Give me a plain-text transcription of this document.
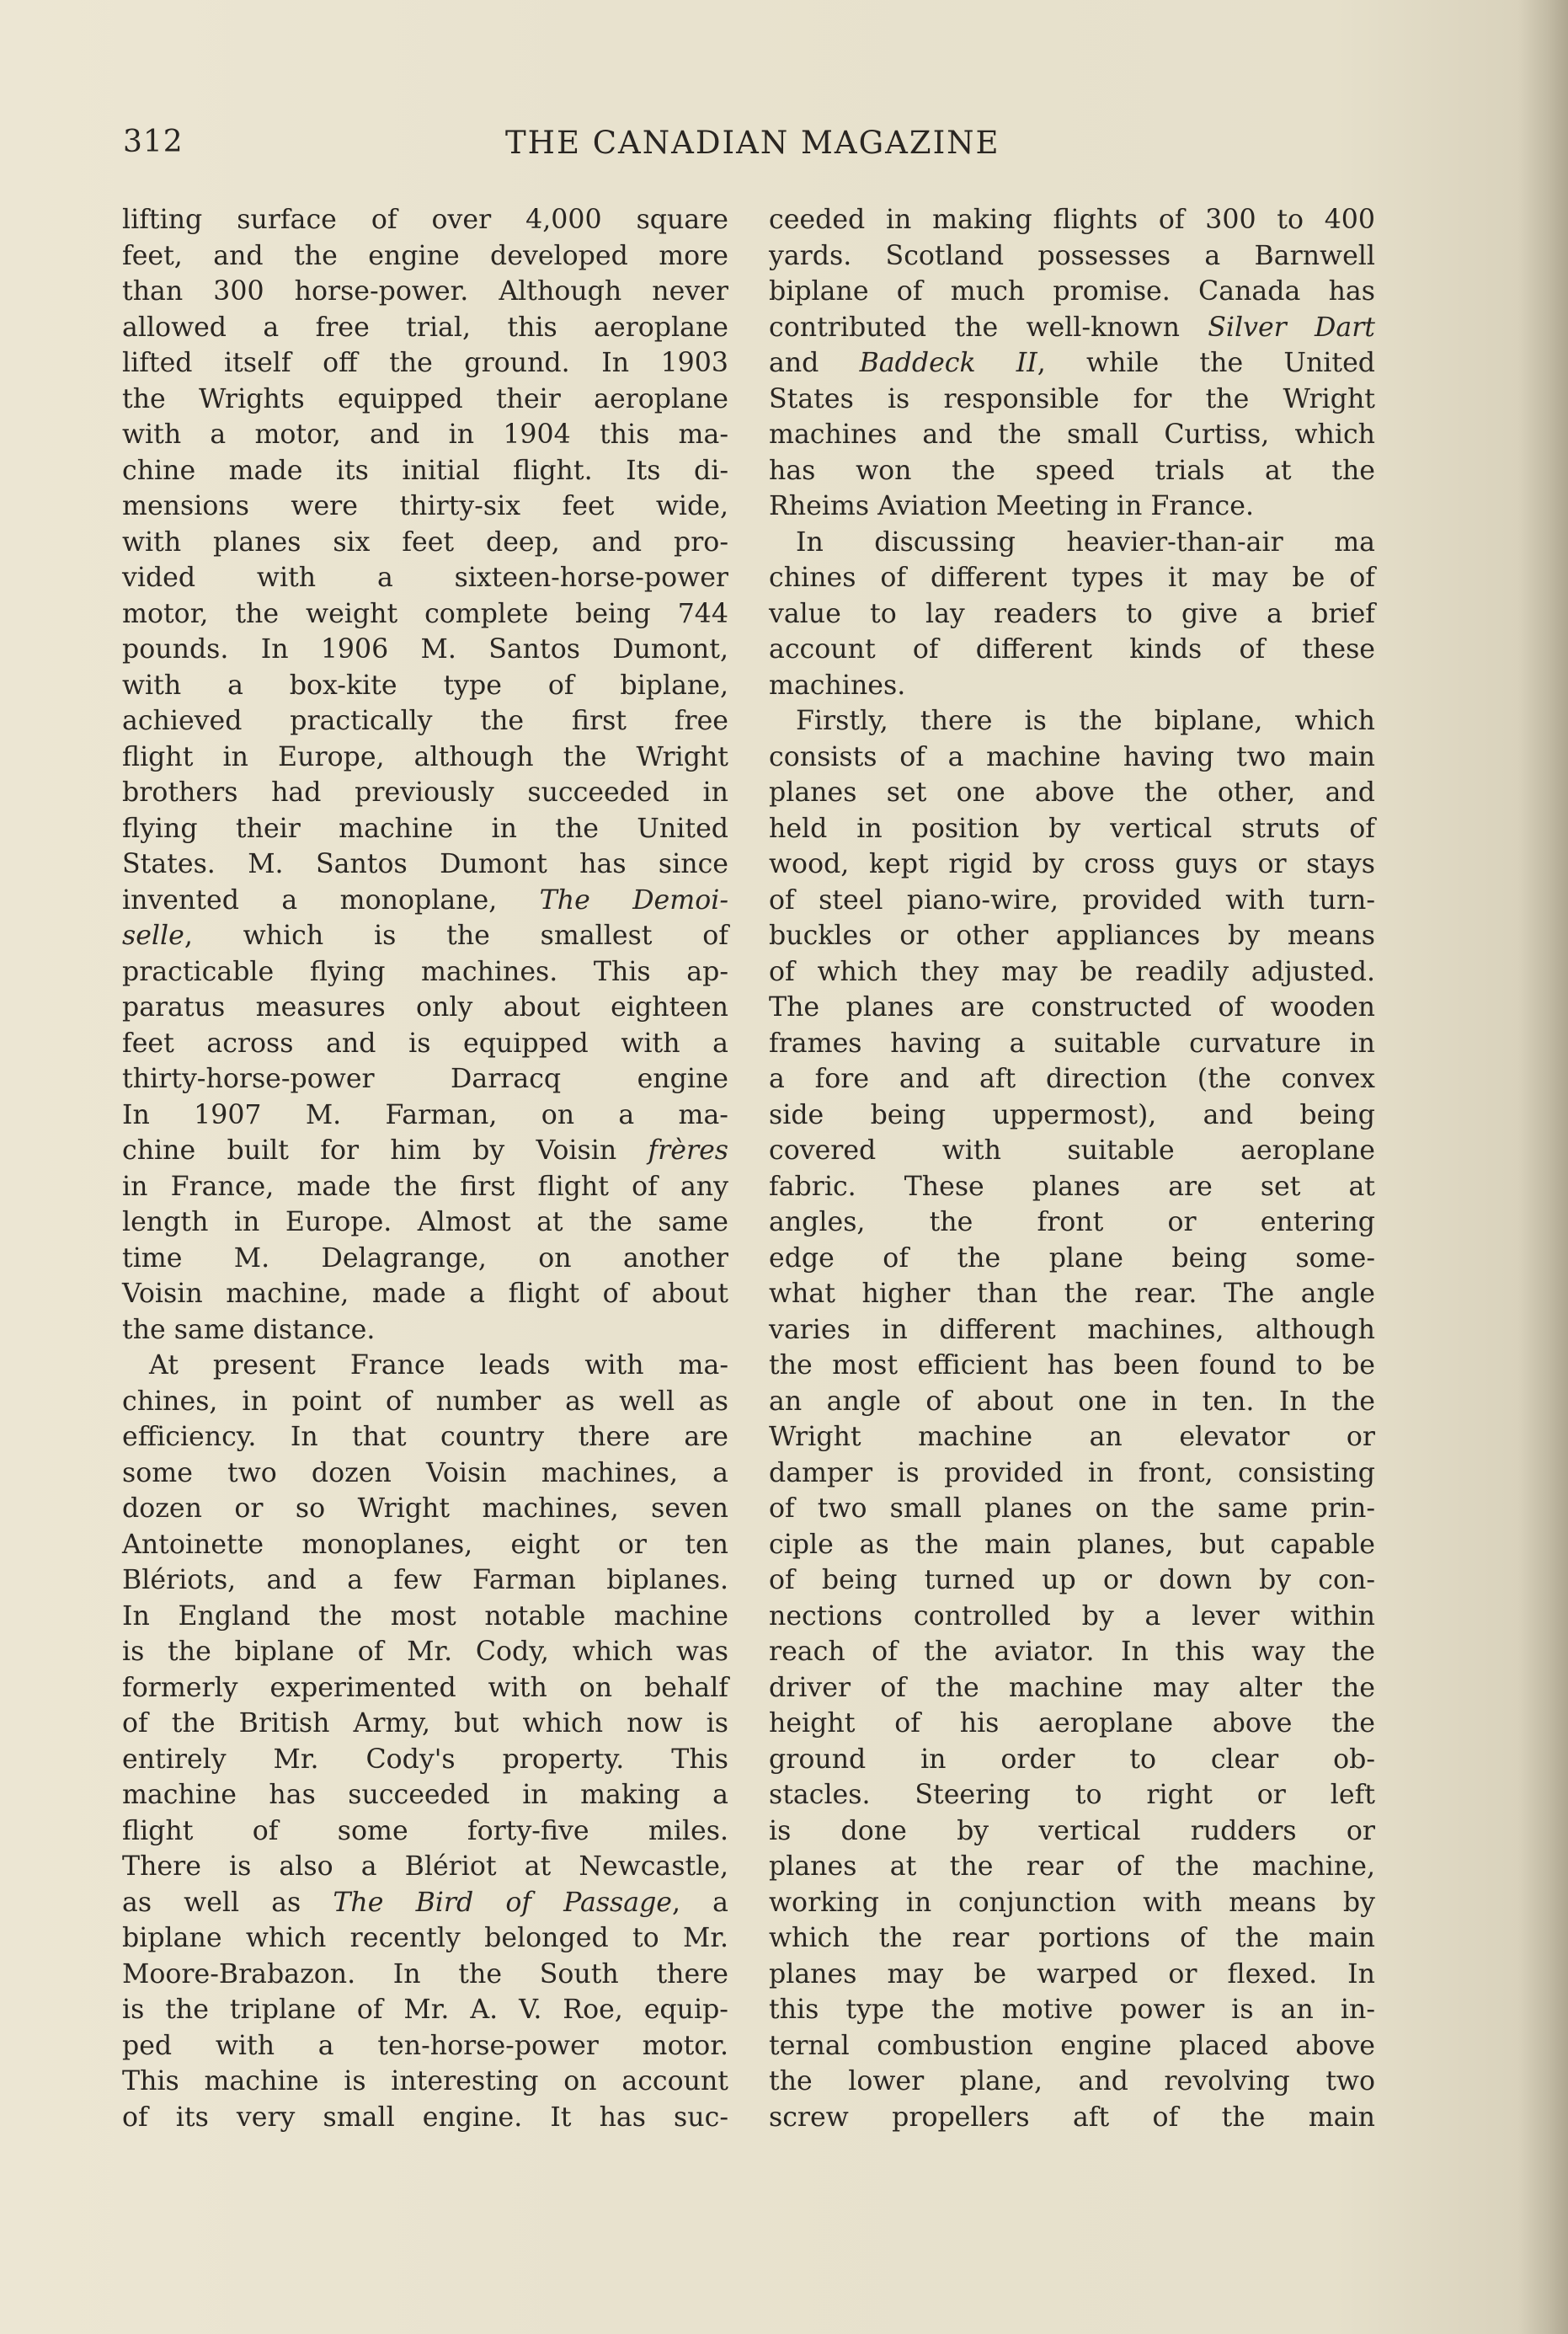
312	THE CANADIAN MAGAZINE
lifting surface of over 4,000 square
feet, and the engine developed more
than 300 horse-power. Although never
allowed a free trial, this aeroplane
lifted itself off the ground. In 1903
the Wrights equipped their aeroplane
with a motor, and in 1904 this ma-
chine made its initial flight. Its di-
mensions were thirty-six feet wide,
with planes six feet deep, and pro-
vided with a sixteen-horse-power
motor, the weight complete being 744
pounds. In 1906 M. Santos Dumont,
with a box-kite type of biplane,
achieved practically the first free
flight in Europe, although the Wright
brothers had previously succeeded in
flying their machine in the United
States. M. Santos Dumont has since
invented a monoplane, The Demoi-
selle, which is the smallest of
practicable flying machines. This ap-
paratus measures only about eighteen
feet across and is equipped with a
thirty-horse-power Darracq engine
In 1907 M. Farman, on a ma-
chine built for him by Voisin frères
in France, made the first flight of any
length in Europe. Almost at the same
time M. Delagrange, on another
Voisin machine, made a flight of about
the same distance.
At present France leads with ma-
chines, in point of number as well as
efficiency. In that country there are
some two dozen Voisin machines, a
dozen or so Wright machines, seven
Antoinette monoplanes, eight or ten
Blériots, and a few Farman biplanes.
In England the most notable machine
is the biplane of Mr. Cody, which was
formerly experimented with on behalf
of the British Army, but which now is
entirely Mr. Cody's property. This
machine has succeeded in making a
flight of some forty-five miles.
There is also a Blériot at Newcastle,
as well as The Bird of Passage, a
biplane which recently belonged to Mr.
Moore-Brabazon. In the South there
is the triplane of Mr. A. V. Roe, equip-
ped with a ten-horse-power motor.
This machine is interesting on account
of its very small engine. It has suc-
ceeded in making flights of 300 to 400
yards. Scotland possesses a Barnwell
biplane of much promise. Canada has
contributed the well-known Silver Dart
and Baddeck II, while the United
States is responsible for the Wright
machines and the small Curtiss, which
has won the speed trials at the
Rheims Aviation Meeting in France.
In discussing heavier-than-air ma
chines of different types it may be of
value to lay readers to give a brief
account of different kinds of these
machines.
Firstly, there is the biplane, which
consists of a machine having two main
planes set one above the other, and
held in position by vertical struts of
wood, kept rigid by cross guys or stays
of steel piano-wire, provided with turn-
buckles or other appliances by means
of which they may be readily adjusted.
The planes are constructed of wooden
frames having a suitable curvature in
a fore and aft direction (the convex
side being uppermost), and being
covered with suitable aeroplane
fabric. These planes are set at
angles, the front or entering
edge of the plane being some-
what higher than the rear. The angle
varies in different machines, although
the most efficient has been found to be
an angle of about one in ten. In the
Wright machine an elevator or
damper is provided in front, consisting
of two small planes on the same prin-
ciple as the main planes, but capable
of being turned up or down by con-
nections controlled by a lever within
reach of the aviator. In this way the
driver of the machine may alter the
height of his aeroplane above the
ground in order to clear ob-
stacles. Steering to right or left
is done by vertical rudders or
planes at the rear of the machine,
working in conjunction with means by
which the rear portions of the main
planes may be warped or flexed. In
this type the motive power is an in-
ternal combustion engine placed above
the lower plane, and revolving two
screw propellers aft of the main
